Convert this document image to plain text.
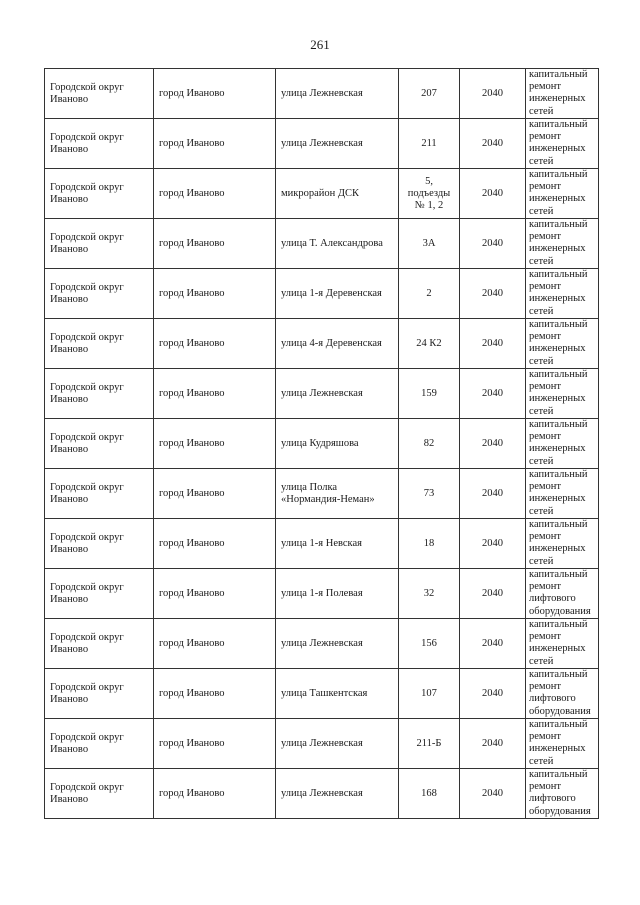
261
Городской округ Иваново	город Иваново	улица Лежневская	207	2040	капитальный
ремонт
инженерных
сетей

Городской округ Иваново	город Иваново	улица Лежневская	211	2040	капитальный
ремонт
инженерных
сетей

Городской округ Иваново	город Иваново	микрорайон ДСК	5,
подъезды
№ 1, 2	2040	капитальный
ремонт
инженерных
сетей

Городской округ Иваново	город Иваново	улица Т. Александрова	3А	2040	капитальный
ремонт
инженерных
сетей

Городской округ Иваново	город Иваново	улица 1-я Деревенская	2	2040	капитальный
ремонт
инженерных
сетей

Городской округ Иваново	город Иваново	улица 4-я Деревенская	24 К2	2040	капитальный
ремонт
инженерных
сетей

Городской округ Иваново	город Иваново	улица Лежневская	159	2040	капитальный
ремонт
инженерных
сетей

Городской округ Иваново	город Иваново	улица Кудряшова	82	2040	капитальный
ремонт
инженерных
сетей

Городской округ Иваново	город Иваново	улица Полка
«Нормандия-Неман»	73	2040	капитальный
ремонт
инженерных
сетей

Городской округ Иваново	город Иваново	улица 1-я Невская	18	2040	капитальный
ремонт
инженерных
сетей

Городской округ Иваново	город Иваново	улица 1-я Полевая	32	2040	капитальный
ремонт
лифтового
оборудования

Городской округ Иваново	город Иваново	улица Лежневская	156	2040	капитальный
ремонт
инженерных
сетей

Городской округ Иваново	город Иваново	улица Ташкентская	107	2040	капитальный
ремонт
лифтового
оборудования

Городской округ Иваново	город Иваново	улица Лежневская	211-Б	2040	капитальный
ремонт
инженерных
сетей

Городской округ Иваново	город Иваново	улица Лежневская	168	2040	капитальный
ремонт
лифтового
оборудования
